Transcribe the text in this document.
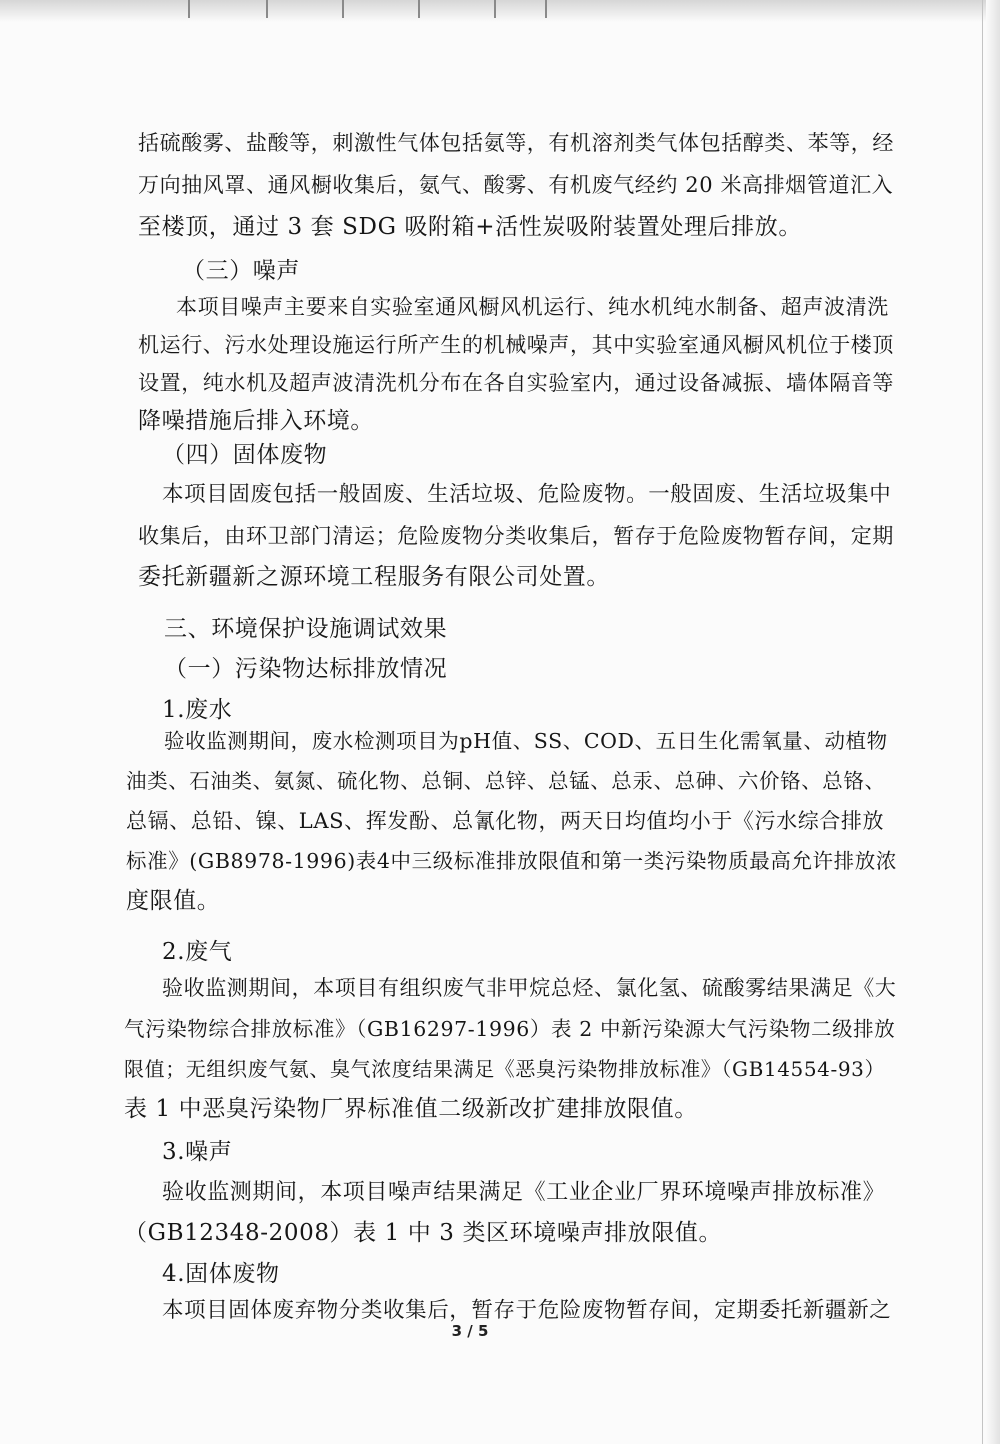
括硫酸雾、盐酸等，刺激性气体包括氨等，有机溶剂类气体包括醇类、苯等，经
万向抽风罩、通风橱收集后，氨气、酸雾、有机废气经约 20 米高排烟管道汇入
至楼顶，通过 3 套 SDG 吸附箱+活性炭吸附装置处理后排放。
（三）噪声
本项目噪声主要来自实验室通风橱风机运行、纯水机纯水制备、超声波清洗
机运行、污水处理设施运行所产生的机械噪声，其中实验室通风橱风机位于楼顶
设置，纯水机及超声波清洗机分布在各自实验室内，通过设备减振、墙体隔音等
降噪措施后排入环境。
（四）固体废物
本项目固废包括一般固废、生活垃圾、危险废物。一般固废、生活垃圾集中
收集后，由环卫部门清运；危险废物分类收集后，暂存于危险废物暂存间，定期
委托新疆新之源环境工程服务有限公司处置。
三、环境保护设施调试效果
（一）污染物达标排放情况
1.废水
验收监测期间，废水检测项目为pH值、SS、COD、五日生化需氧量、动植物
油类、石油类、氨氮、硫化物、总铜、总锌、总锰、总汞、总砷、六价铬、总铬、
总镉、总铅、镍、LAS、挥发酚、总氰化物，两天日均值均小于《污水综合排放
标准》(GB8978-1996)表4中三级标准排放限值和第一类污染物质最高允许排放浓
度限值。
2.废气
验收监测期间，本项目有组织废气非甲烷总烃、氯化氢、硫酸雾结果满足《大
气污染物综合排放标准》（GB16297-1996）表 2 中新污染源大气污染物二级排放
限值；无组织废气氨、臭气浓度结果满足《恶臭污染物排放标准》（GB14554-93）
表 1 中恶臭污染物厂界标准值二级新改扩建排放限值。
3.噪声
验收监测期间，本项目噪声结果满足《工业企业厂界环境噪声排放标准》
（GB12348-2008）表 1 中 3 类区环境噪声排放限值。
4.固体废物
本项目固体废弃物分类收集后，暂存于危险废物暂存间，定期委托新疆新之
3 / 5
